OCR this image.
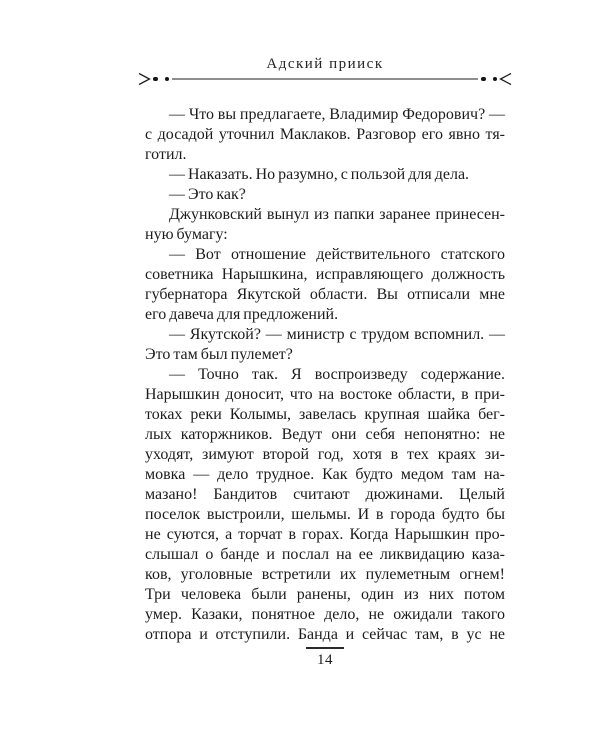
Адский прииск
— Что вы предлагаете, Владимир Федорович? —
с досадой уточнил Маклаков. Разговор его явно тя-
готил.
— Наказать. Но разумно, с пользой для дела.
— Это как?
Джунковский вынул из папки заранее принесен-
ную бумагу:
— Вот отношение действительного статского
советника Нарышкина, исправляющего должность
губернатора Якутской области. Вы отписали мне
его давеча для предложений.
— Якутской? — министр с трудом вспомнил. —
Это там был пулемет?
— Точно так. Я воспроизведу содержание.
Нарышкин доносит, что на востоке области, в при-
токах реки Колымы, завелась крупная шайка бег-
лых каторжников. Ведут они себя непонятно: не
уходят, зимуют второй год, хотя в тех краях зи-
мовка — дело трудное. Как будто медом там на-
мазано! Бандитов считают дюжинами. Целый
поселок выстроили, шельмы. И в города будто бы
не суются, а торчат в горах. Когда Нарышкин про-
слышал о банде и послал на ее ликвидацию каза-
ков, уголовные встретили их пулеметным огнем!
Три человека были ранены, один из них потом
умер. Казаки, понятное дело, не ожидали такого
отпора и отступили. Банда и сейчас там, в ус не
14
